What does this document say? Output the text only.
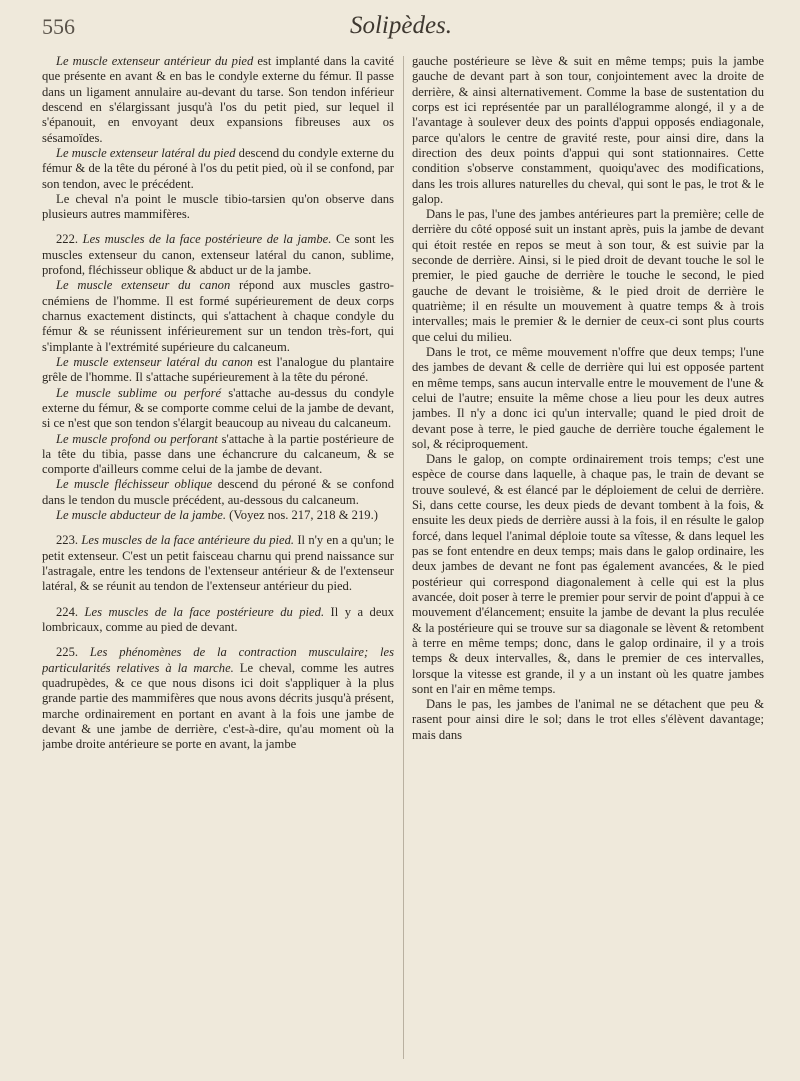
556	Solipèdes.

Le muscle extenseur antérieur du pied est implanté dans la cavité que présente en avant & en bas le condyle externe du fémur. Il passe dans un ligament annulaire au-devant du tarse. Son tendon inférieur descend en s'élargissant jusqu'à l'os du petit pied, sur lequel il s'épanouit, en envoyant deux expansions fibreuses aux os sésamoïdes.

Le muscle extenseur latéral du pied descend du condyle externe du fémur & de la tête du péroné à l'os du petit pied, où il se confond, par son tendon, avec le précédent.

Le cheval n'a point le muscle tibio-tarsien qu'on observe dans plusieurs autres mammifères.

222. Les muscles de la face postérieure de la jambe. Ce sont les muscles extenseur du canon, extenseur latéral du canon, sublime, profond, fléchisseur oblique & abduct ur de la jambe.

Le muscle extenseur du canon répond aux muscles gastro-cnémiens de l'homme. Il est formé supérieurement de deux corps charnus exactement distincts, qui s'attachent à chaque condyle du fémur & se réunissent inférieurement sur un tendon très-fort, qui s'implante à l'extrémité supérieure du calcaneum.

Le muscle extenseur latéral du canon est l'analogue du plantaire grêle de l'homme. Il s'attache supérieurement à la tête du péroné.

Le muscle sublime ou perforé s'attache au-dessus du condyle externe du fémur, & se comporte comme celui de la jambe de devant, si ce n'est que son tendon s'élargit beaucoup au niveau du calcaneum.

Le muscle profond ou perforant s'attache à la partie postérieure de la tête du tibia, passe dans une échancrure du calcaneum, & se comporte d'ailleurs comme celui de la jambe de devant.

Le muscle fléchisseur oblique descend du péroné & se confond dans le tendon du muscle précédent, au-dessous du calcaneum.

Le muscle abducteur de la jambe. (Voyez nos. 217, 218 & 219.)

223. Les muscles de la face antérieure du pied. Il n'y en a qu'un; le petit extenseur. C'est un petit faisceau charnu qui prend naissance sur l'astragale, entre les tendons de l'extenseur antérieur & de l'extenseur latéral, & se réunit au tendon de l'extenseur antérieur du pied.

224. Les muscles de la face postérieure du pied. Il y a deux lombricaux, comme au pied de devant.

225. Les phénomènes de la contraction musculaire; les particularités relatives à la marche. Le cheval, comme les autres quadrupèdes, & ce que nous disons ici doit s'appliquer à la plus grande partie des mammifères que nous avons décrits jusqu'à présent, marche ordinairement en portant en avant à la fois une jambe de devant & une jambe de derrière, c'est-à-dire, qu'au moment où la jambe droite antérieure se porte en avant, la jambe

gauche postérieure se lève & suit en même temps; puis la jambe gauche de devant part à son tour, conjointement avec la droite de derrière, & ainsi alternativement. Comme la base de sustentation du corps est ici représentée par un parallélogramme alongé, il y a de l'avantage à soulever deux des points d'appui opposés endiagonale, parce qu'alors le centre de gravité reste, pour ainsi dire, dans la direction des deux points d'appui qui sont stationnaires. Cette condition s'observe constamment, quoiqu'avec des modifications, dans les trois allures naturelles du cheval, qui sont le pas, le trot & le galop.

Dans le pas, l'une des jambes antérieures part la première; celle de derrière du côté opposé suit un instant après, puis la jambe de devant qui étoit restée en repos se meut à son tour, & est suivie par la seconde de derrière. Ainsi, si le pied droit de devant touche le sol le premier, le pied gauche de derrière le touche le second, le pied gauche de devant le troisième, & le pied droit de derrière le quatrième; il en résulte un mouvement à quatre temps & à trois intervalles; mais le premier & le dernier de ceux-ci sont plus courts que celui du milieu.

Dans le trot, ce même mouvement n'offre que deux temps; l'une des jambes de devant & celle de derrière qui lui est opposée partent en même temps, sans aucun intervalle entre le mouvement de l'une & celui de l'autre; ensuite la même chose a lieu pour les deux autres jambes. Il n'y a donc ici qu'un intervalle; quand le pied droit de devant pose à terre, le pied gauche de derrière touche également le sol, & réciproquement.

Dans le galop, on compte ordinairement trois temps; c'est une espèce de course dans laquelle, à chaque pas, le train de devant se trouve soulevé, & est élancé par le déploiement de celui de derrière. Si, dans cette course, les deux pieds de devant tombent à la fois, & ensuite les deux pieds de derrière aussi à la fois, il en résulte le galop forcé, dans lequel l'animal déploie toute sa vîtesse, & dans lequel les pas se font entendre en deux temps; mais dans le galop ordinaire, les deux jambes de devant ne font pas également avancées, & le pied postérieur qui correspond diagonalement à celle qui est la plus avancée, doit poser à terre le premier pour servir de point d'appui à ce mouvement d'élancement; ensuite la jambe de devant la plus reculée & la postérieure qui se trouve sur sa diagonale se lèvent & retombent à terre en même temps; donc, dans le galop ordinaire, il y a trois temps & deux intervalles, &, dans le premier de ces intervalles, lorsque la vitesse est grande, il y a un instant où les quatre jambes sont en l'air en même temps.

Dans le pas, les jambes de l'animal ne se détachent que peu & rasent pour ainsi dire le sol; dans le trot elles s'élèvent davantage; mais dans
